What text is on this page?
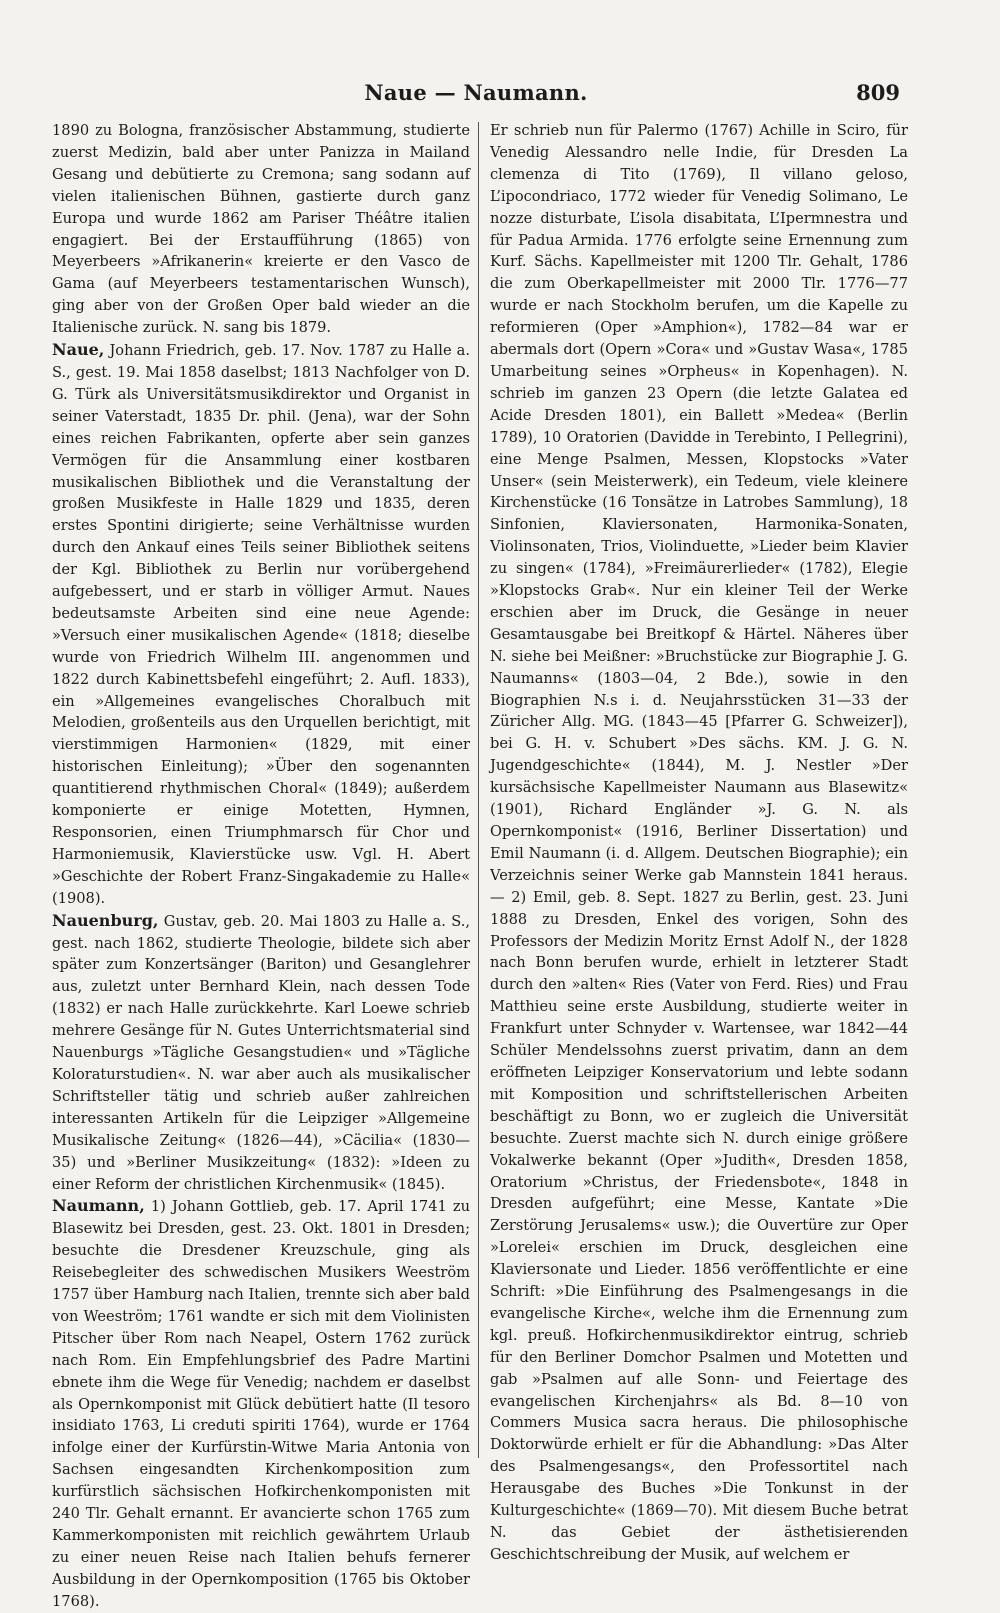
Naue — Naumann.	809

1890 zu Bologna, französischer Abstammung, studierte zuerst Medizin, bald aber unter Panizza in Mailand Gesang und debütierte zu Cremona; sang sodann auf vielen italienischen Bühnen, gastierte durch ganz Europa und wurde 1862 am Pariser Théâtre italien engagiert. Bei der Erstaufführung (1865) von Meyerbeers »Afrikanerin« kreierte er den Vasco de Gama (auf Meyerbeers testamentarischen Wunsch), ging aber von der Großen Oper bald wieder an die Italienische zurück. N. sang bis 1879.

Naue, Johann Friedrich, geb. 17. Nov. 1787 zu Halle a. S., gest. 19. Mai 1858 daselbst; 1813 Nachfolger von D. G. Türk als Universitätsmusikdirektor und Organist in seiner Vaterstadt, 1835 Dr. phil. (Jena), war der Sohn eines reichen Fabrikanten, opferte aber sein ganzes Vermögen für die Ansammlung einer kostbaren musikalischen Bibliothek und die Veranstaltung der großen Musikfeste in Halle 1829 und 1835, deren erstes Spontini dirigierte; seine Verhältnisse wurden durch den Ankauf eines Teils seiner Bibliothek seitens der Kgl. Bibliothek zu Berlin nur vorübergehend aufgebessert, und er starb in völliger Armut. Naues bedeutsamste Arbeiten sind eine neue Agende: »Versuch einer musikalischen Agende« (1818; dieselbe wurde von Friedrich Wilhelm III. angenommen und 1822 durch Kabinettsbefehl eingeführt; 2. Aufl. 1833), ein »Allgemeines evangelisches Choralbuch mit Melodien, großenteils aus den Urquellen berichtigt, mit vierstimmigen Harmonien« (1829, mit einer historischen Einleitung); »Über den sogenannten quantitierend rhythmischen Choral« (1849); außerdem komponierte er einige Motetten, Hymnen, Responsorien, einen Triumphmarsch für Chor und Harmoniemusik, Klavierstücke usw. Vgl. H. Abert »Geschichte der Robert Franz-Singakademie zu Halle« (1908).

Nauenburg, Gustav, geb. 20. Mai 1803 zu Halle a. S., gest. nach 1862, studierte Theologie, bildete sich aber später zum Konzertsänger (Bariton) und Gesanglehrer aus, zuletzt unter Bernhard Klein, nach dessen Tode (1832) er nach Halle zurückkehrte. Karl Loewe schrieb mehrere Gesänge für N. Gutes Unterrichtsmaterial sind Nauenburgs »Tägliche Gesangstudien« und »Tägliche Koloraturstudien«. N. war aber auch als musikalischer Schriftsteller tätig und schrieb außer zahlreichen interessanten Artikeln für die Leipziger »Allgemeine Musikalische Zeitung« (1826—44), »Cäcilia« (1830—35) und »Berliner Musikzeitung« (1832): »Ideen zu einer Reform der christlichen Kirchenmusik« (1845).

Naumann, 1) Johann Gottlieb, geb. 17. April 1741 zu Blasewitz bei Dresden, gest. 23. Okt. 1801 in Dresden; besuchte die Dresdener Kreuzschule, ging als Reisebegleiter des schwedischen Musikers Weeström 1757 über Hamburg nach Italien, trennte sich aber bald von Weeström; 1761 wandte er sich mit dem Violinisten Pitscher über Rom nach Neapel, Ostern 1762 zurück nach Rom. Ein Empfehlungsbrief des Padre Martini ebnete ihm die Wege für Venedig; nachdem er daselbst als Opernkomponist mit Glück debütiert hatte (Il tesoro insidiato 1763, Li creduti spiriti 1764), wurde er 1764 infolge einer der Kurfürstin-Witwe Maria Antonia von Sachsen eingesandten Kirchenkomposition zum kurfürstlich sächsischen Hofkirchenkomponisten mit 240 Tlr. Gehalt ernannt. Er avancierte schon 1765 zum Kammerkomponisten mit reichlich gewährtem Urlaub zu einer neuen Reise nach Italien behufs fernerer Ausbildung in der Opernkomposition (1765 bis Oktober 1768).

Er schrieb nun für Palermo (1767) Achille in Sciro, für Venedig Alessandro nelle Indie, für Dresden La clemenza di Tito (1769), Il villano geloso, L’ipocondriaco, 1772 wieder für Venedig Solimano, Le nozze disturbate, L’isola disabitata, L’Ipermnestra und für Padua Armida. 1776 erfolgte seine Ernennung zum Kurf. Sächs. Kapellmeister mit 1200 Tlr. Gehalt, 1786 die zum Oberkapellmeister mit 2000 Tlr. 1776—77 wurde er nach Stockholm berufen, um die Kapelle zu reformieren (Oper »Amphion«), 1782—84 war er abermals dort (Opern »Cora« und »Gustav Wasa«, 1785 Umarbeitung seines »Orpheus« in Kopenhagen). N. schrieb im ganzen 23 Opern (die letzte Galatea ed Acide Dresden 1801), ein Ballett »Medea« (Berlin 1789), 10 Oratorien (Davidde in Terebinto, I Pellegrini), eine Menge Psalmen, Messen, Klopstocks »Vater Unser« (sein Meisterwerk), ein Tedeum, viele kleinere Kirchenstücke (16 Tonsätze in Latrobes Sammlung), 18 Sinfonien, Klaviersonaten, Harmonika-Sonaten, Violinsonaten, Trios, Violinduette, »Lieder beim Klavier zu singen« (1784), »Freimäurerlieder« (1782), Elegie »Klopstocks Grab«. Nur ein kleiner Teil der Werke erschien aber im Druck, die Gesänge in neuer Gesamtausgabe bei Breitkopf & Härtel. Näheres über N. siehe bei Meißner: »Bruchstücke zur Biographie J. G. Naumanns« (1803—04, 2 Bde.), sowie in den Biographien N.s i. d. Neujahrsstücken 31—33 der Züricher Allg. MG. (1843—45 [Pfarrer G. Schweizer]), bei G. H. v. Schubert »Des sächs. KM. J. G. N. Jugendgeschichte« (1844), M. J. Nestler »Der kursächsische Kapellmeister Naumann aus Blasewitz« (1901), Richard Engländer »J. G. N. als Opernkomponist« (1916, Berliner Dissertation) und Emil Naumann (i. d. Allgem. Deutschen Biographie); ein Verzeichnis seiner Werke gab Mannstein 1841 heraus. — 2) Emil, geb. 8. Sept. 1827 zu Berlin, gest. 23. Juni 1888 zu Dresden, Enkel des vorigen, Sohn des Professors der Medizin Moritz Ernst Adolf N., der 1828 nach Bonn berufen wurde, erhielt in letzterer Stadt durch den »alten« Ries (Vater von Ferd. Ries) und Frau Matthieu seine erste Ausbildung, studierte weiter in Frankfurt unter Schnyder v. Wartensee, war 1842—44 Schüler Mendelssohns zuerst privatim, dann an dem eröffneten Leipziger Konservatorium und lebte sodann mit Komposition und schriftstellerischen Arbeiten beschäftigt zu Bonn, wo er zugleich die Universität besuchte. Zuerst machte sich N. durch einige größere Vokalwerke bekannt (Oper »Judith«, Dresden 1858, Oratorium »Christus, der Friedensbote«, 1848 in Dresden aufgeführt; eine Messe, Kantate »Die Zerstörung Jerusalems« usw.); die Ouvertüre zur Oper »Lorelei« erschien im Druck, desgleichen eine Klaviersonate und Lieder. 1856 veröffentlichte er eine Schrift: »Die Einführung des Psalmengesangs in die evangelische Kirche«, welche ihm die Ernennung zum kgl. preuß. Hofkirchenmusikdirektor eintrug, schrieb für den Berliner Domchor Psalmen und Motetten und gab »Psalmen auf alle Sonn- und Feiertage des evangelischen Kirchenjahrs« als Bd. 8—10 von Commers Musica sacra heraus. Die philosophische Doktorwürde erhielt er für die Abhandlung: »Das Alter des Psalmengesangs«, den Professortitel nach Herausgabe des Buches »Die Tonkunst in der Kulturgeschichte« (1869—70). Mit diesem Buche betrat N. das Gebiet der ästhetisierenden Geschichtschreibung der Musik, auf welchem er
